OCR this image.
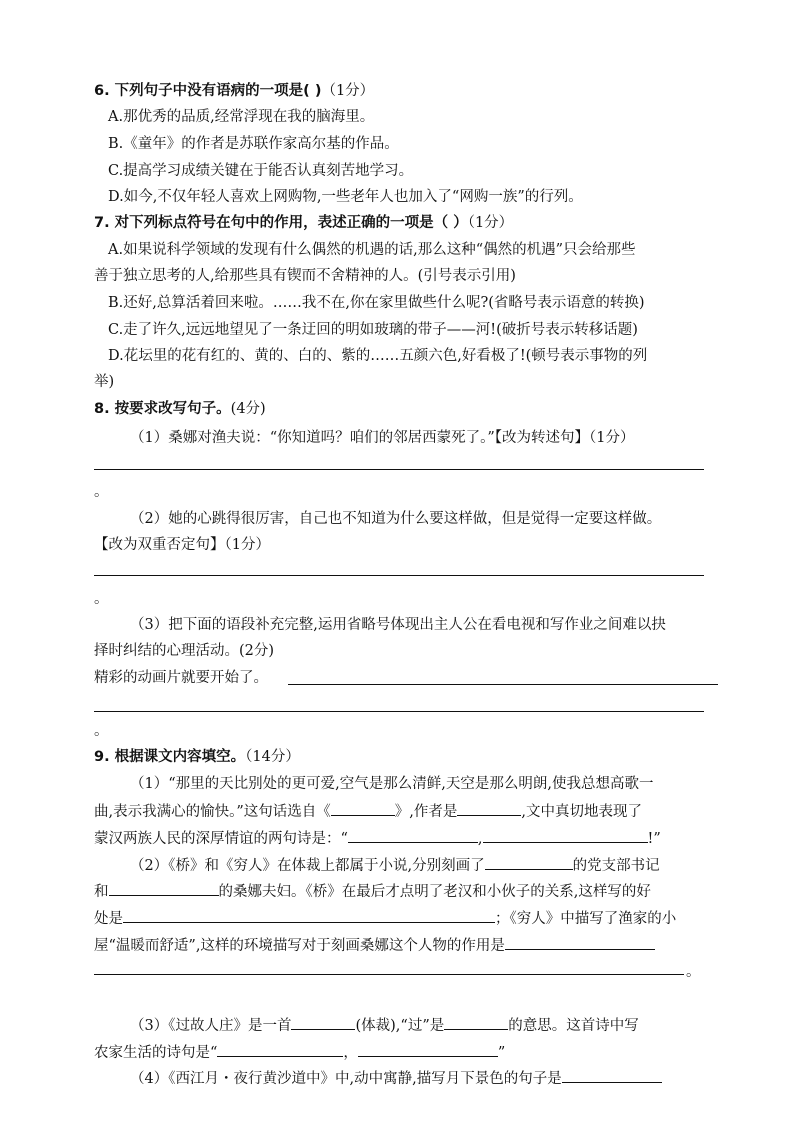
6. 下列句子中没有语病的一项是( )（1分）
A.那优秀的品质,经常浮现在我的脑海里。
B.《童年》的作者是苏联作家高尔基的作品。
C.提高学习成绩关键在于能否认真刻苦地学习。
D.如今,不仅年轻人喜欢上网购物,一些老年人也加入了“网购一族”的行列。
7. 对下列标点符号在句中的作用，表述正确的一项是（ ）（1分）
A.如果说科学领域的发现有什么偶然的机遇的话,那么这种“偶然的机遇”只会给那些
善于独立思考的人,给那些具有锲而不舍精神的人。(引号表示引用)
B.还好,总算活着回来啦。……我不在,你在家里做些什么呢?(省略号表示语意的转换)
C.走了许久,远远地望见了一条迂回的明如玻璃的带子——河!(破折号表示转移话题)
D.花坛里的花有红的、黄的、白的、紫的……五颜六色,好看极了!(顿号表示事物的列
举)
8. 按要求改写句子。(4分)
（1）桑娜对渔夫说：“你知道吗？咱们的邻居西蒙死了。”【改为转述句】（1分）
。
（2）她的心跳得很厉害，自己也不知道为什么要这样做，但是觉得一定要这样做。
【改为双重否定句】（1分）
。
（3）把下面的语段补充完整,运用省略号体现出主人公在看电视和写作业之间难以抉
择时纠结的心理活动。(2分)
精彩的动画片就要开始了。
。
9. 根据课文内容填空。（14分）
（1）“那里的天比别处的更可爱,空气是那么清鲜,天空是那么明朗,使我总想高歌一
曲,表示我满心的愉快。”这句话选自《	》,作者是	,文中真切地表现了
蒙汉两族人民的深厚情谊的两句诗是：“	,	!”
（2）《桥》和《穷人》在体裁上都属于小说,分别刻画了	的党支部书记
和	的桑娜夫妇。《桥》在最后才点明了老汉和小伙子的关系,这样写的好
处是	；《穷人》中描写了渔家的小
屋“温暖而舒适”,这样的环境描写对于刻画桑娜这个人物的作用是
。
（3）《过故人庄》是一首	(体裁),“过”是	的意思。这首诗中写
农家生活的诗句是“	，	”
（4）《西江月・夜行黄沙道中》中,动中寓静,描写月下景色的句子是
